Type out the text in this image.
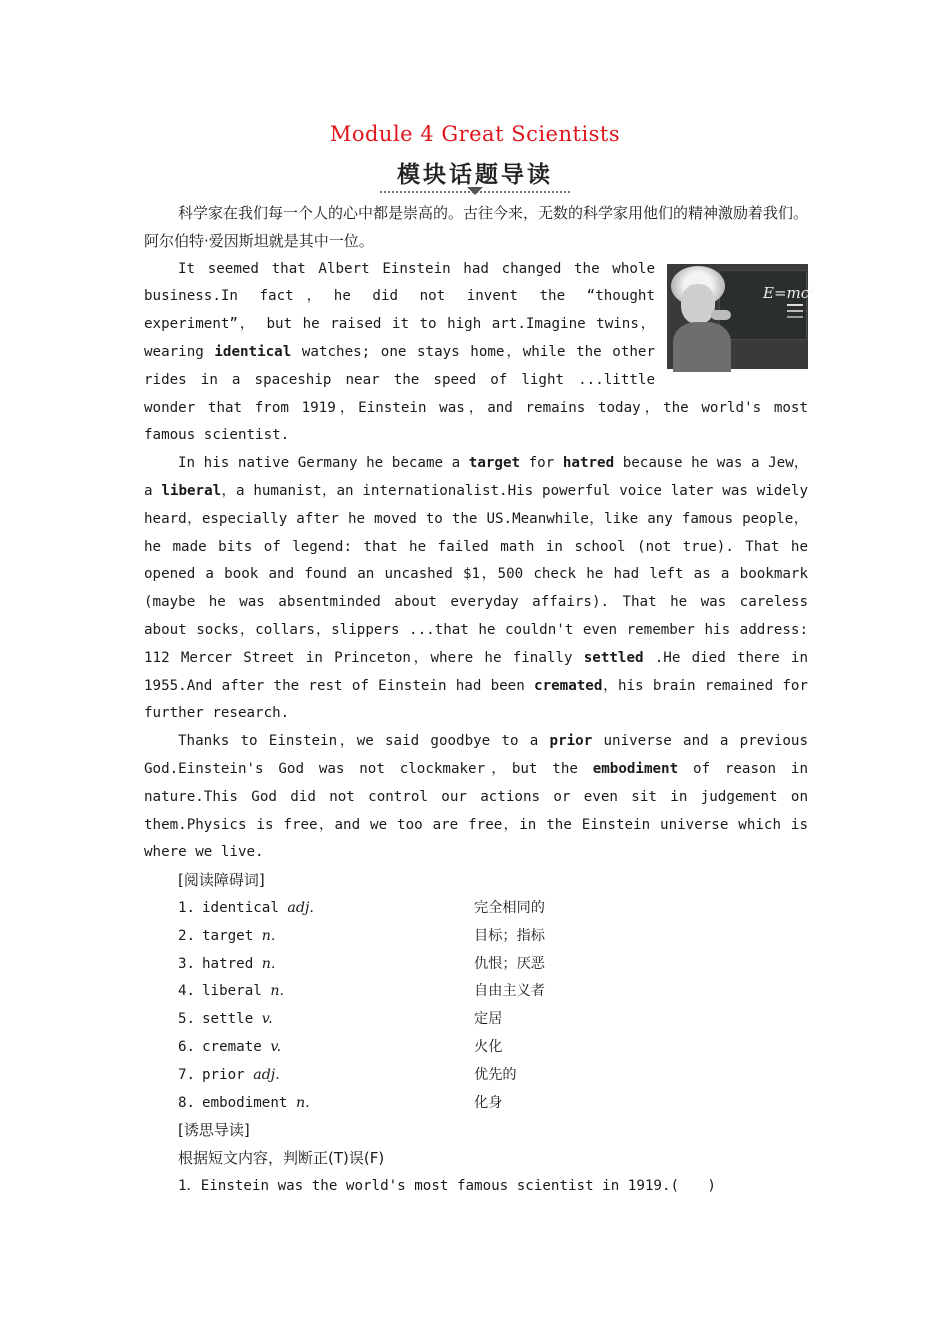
Module 4 Great Scientists
模块话题导读

科学家在我们每一个人的心中都是崇高的。古往今来，无数的科学家用他们的精神激励着我们。阿尔伯特·爱因斯坦就是其中一位。

E=mc²
It seemed that Albert Einstein had changed the whole business.In fact，he did not invent the “thought experiment”， but he raised it to high art.Imagine twins，wearing identical watches; one stays home，while the other rides in a spaceship near the speed of light ...little wonder that from 1919，Einstein was，and remains today，the world's most famous scientist.

In his native Germany he became a target for hatred because he was a Jew，a liberal，a humanist，an internationalist.His powerful voice later was widely heard，especially after he moved to the US.Meanwhile，like any famous people，he made bits of legend: that he failed math in school (not true). That he opened a book and found an uncashed $1，500 check he had left as a bookmark (maybe he was absentminded about everyday affairs). That he was careless about socks，collars，slippers ...that he couldn't even remember his address: 112 Mercer Street in Princeton，where he finally settled .He died there in 1955.And after the rest of Einstein had been cremated，his brain remained for further research.

Thanks to Einstein，we said goodbye to a prior universe and a previous God.Einstein's God was not clockmaker，but the embodiment of reason in nature.This God did not control our actions or even sit in judgement on them.Physics is free，and we too are free，in the Einstein universe which is where we live.

[阅读障碍词]
1. identical adj.	完全相同的
2. target n.	目标；指标
3. hatred n.	仇恨；厌恶
4. liberal n.	自由主义者
5. settle v.	定居
6. cremate v.	火化
7. prior adj.	优先的
8. embodiment n.	化身
[诱思导读]
根据短文内容，判断正(T)误(F)
1．Einstein was the world's most famous scientist in 1919.(　　)
